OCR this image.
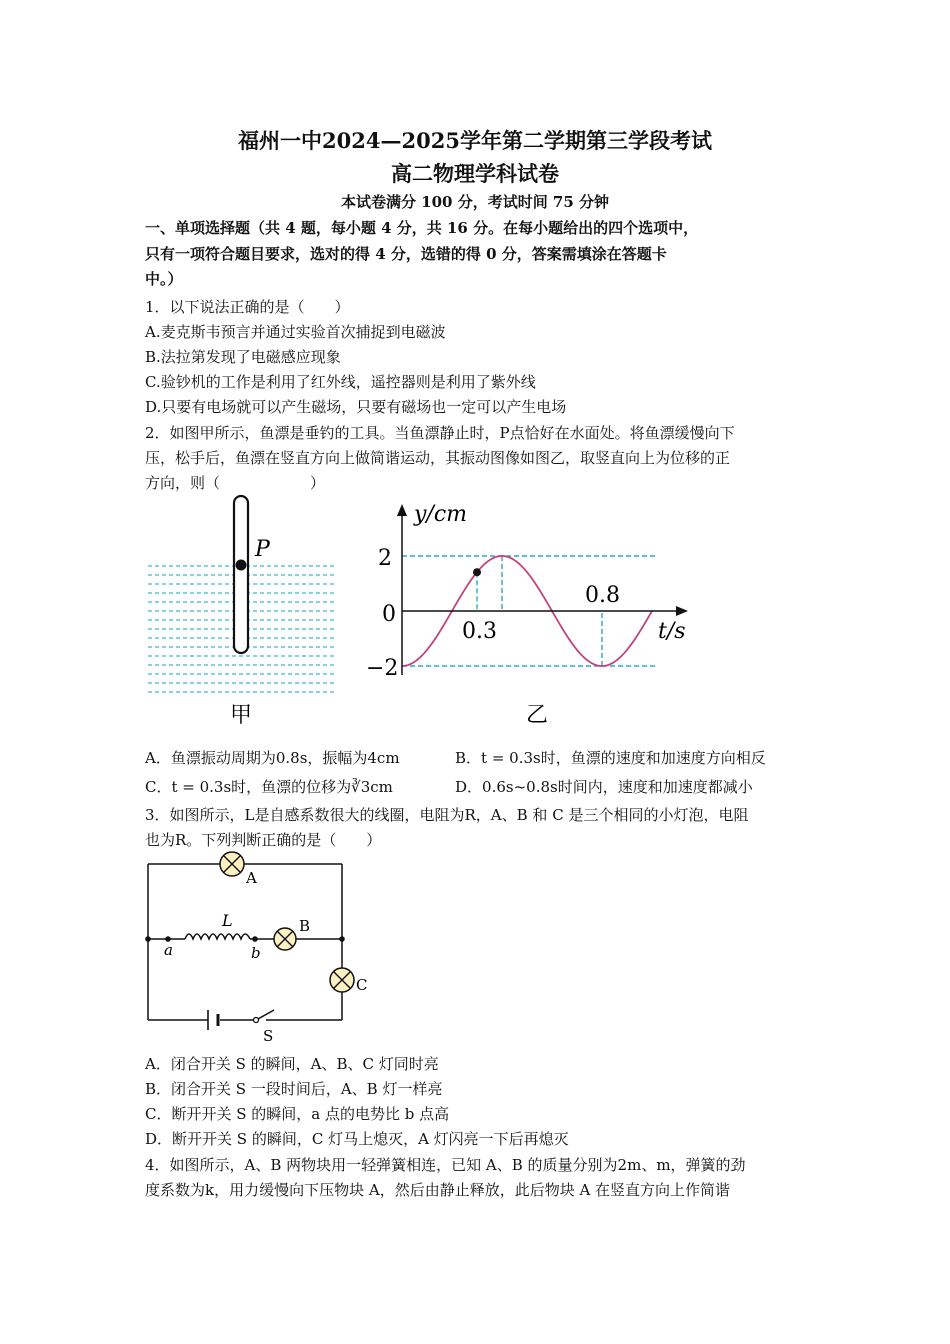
福州一中2024—2025学年第二学期第三学段考试
高二物理学科试卷
本试卷满分 100 分，考试时间 75 分钟
一、单项选择题（共 4 题，每小题 4 分，共 16 分。在每小题给出的四个选项中，
只有一项符合题目要求，选对的得 4 分，选错的得 0 分，答案需填涂在答题卡
中。）
1．以下说法正确的是（　　）
A.麦克斯韦预言并通过实验首次捕捉到电磁波
B.法拉第发现了电磁感应现象
C.验钞机的工作是利用了红外线，遥控器则是利用了紫外线
D.只要有电场就可以产生磁场，只要有磁场也一定可以产生电场
2．如图甲所示，鱼漂是垂钓的工具。当鱼漂静止时，P点恰好在水面处。将鱼漂缓慢向下
压，松手后，鱼漂在竖直方向上做简谐运动，其振动图像如图乙，取竖直向上为位移的正
方向，则（　　　　　　）
P
甲
y/cm
t/s
0
2
−2
0.3
0.8
乙
A．鱼漂振动周期为0.8s，振幅为4cm	B．t = 0.3s时，鱼漂的速度和加速度方向相反
C．t = 0.3s时，鱼漂的位移为∛3cm	D．0.6s~0.8s时间内，速度和加速度都减小
3．如图所示，L是自感系数很大的线圈，电阻为R，A、B 和 C 是三个相同的小灯泡，电阻
也为R。下列判断正确的是（　　）
A
L	B
C
a	b
S
A．闭合开关 S 的瞬间，A、B、C 灯同时亮
B．闭合开关 S 一段时间后，A、B 灯一样亮
C．断开开关 S 的瞬间，a 点的电势比 b 点高
D．断开开关 S 的瞬间，C 灯马上熄灭，A 灯闪亮一下后再熄灭
4．如图所示，A、B 两物块用一轻弹簧相连，已知 A、B 的质量分别为2m、m，弹簧的劲
度系数为k，用力缓慢向下压物块 A，然后由静止释放，此后物块 A 在竖直方向上作简谐
